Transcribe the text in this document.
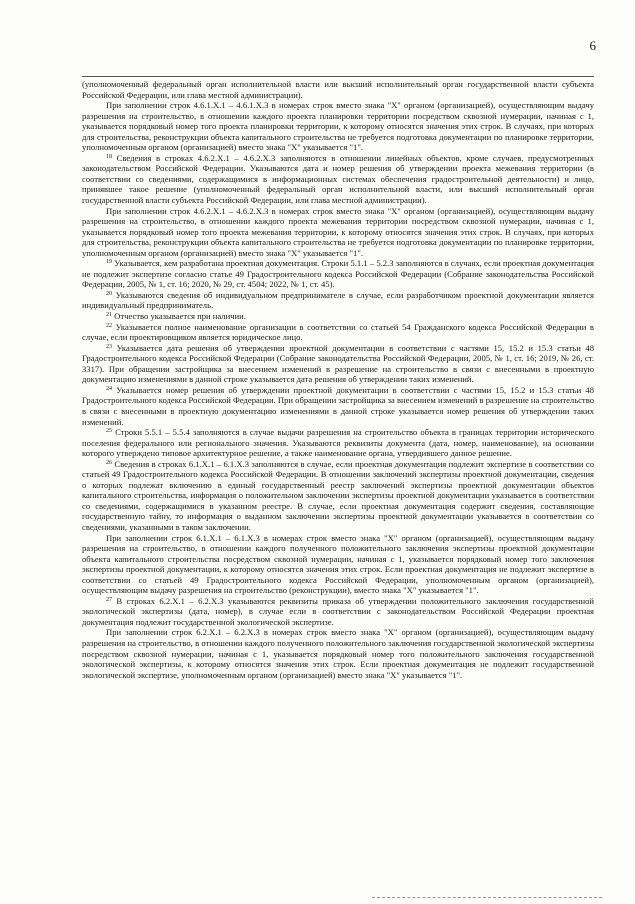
6

(уполномоченный федеральный орган исполнительной власти или высший исполнительный орган государственной власти субъекта Российской Федерации, или глава местной администрации).

При заполнении строк 4.6.1.Х.1 – 4.6.1.Х.3 в номерах строк вместо знака "Х" органом (организацией), осуществляющим выдачу разрешения на строительство, в отношении каждого проекта планировки территории посредством сквозной нумерации, начиная с 1, указывается порядковый номер того проекта планировки территории, к которому относятся значения этих строк. В случаях, при которых для строительства, реконструкции объекта капитального строительства не требуется подготовка документации по планировке территории, уполномоченным органом (организацией) вместо знака "Х" указывается "1".

$^{18}$ Сведения в строках 4.6.2.Х.1 – 4.6.2.Х.3 заполняются в отношении линейных объектов, кроме случаев, предусмотренных законодательством Российской Федерации. Указываются дата и номер решения об утверждении проекта межевания территории (в соответствии со сведениями, содержащимися в информационных системах обеспечения градостроительной деятельности) и лицо, принявшее такое решение (уполномоченный федеральный орган исполнительной власти, или высший исполнительный орган государственной власти субъекта Российской Федерации, или глава местной администрации).

При заполнении строк 4.6.2.Х.1 – 4.6.2.Х.3 в номерах строк вместо знака "Х" органом (организацией), осуществляющим выдачу разрешения на строительство, в отношении каждого проекта межевания территории посредством сквозной нумерации, начиная с 1, указывается порядковый номер того проекта межевания территории, к которому относятся значения этих строк. В случаях, при которых для строительства, реконструкции объекта капитального строительства не требуется подготовка документации по планировке территории, уполномоченным органом (организацией) вместо знака "Х" указывается "1".

$^{19}$ Указывается, кем разработана проектная документация. Строки 5.1.1 – 5.2.3 заполняются в случаях, если проектная документация не подлежит экспертизе согласно статье 49 Градостроительного кодекса Российской Федерации (Собрание законодательства Российской Федерации, 2005, № 1, ст. 16; 2020, № 29, ст. 4504; 2022, № 1, ст. 45).

$^{20}$ Указываются сведения об индивидуальном предпринимателе в случае, если разработчиком проектной документации является индивидуальный предприниматель.

$^{21}$ Отчество указывается при наличии.

$^{22}$ Указывается полное наименование организации в соответствии со статьей 54 Гражданского кодекса Российской Федерации в случае, если проектировщиком является юридическое лицо.

$^{23}$ Указывается дата решения об утверждении проектной документации в соответствии с частями 15, 15.2 и 15.3 статьи 48 Градостроительного кодекса Российской Федерации (Собрание законодательства Российской Федерации, 2005, № 1, ст. 16; 2019, № 26, ст. 3317). При обращении застройщика за внесением изменений в разрешение на строительство в связи с внесенными в проектную документацию изменениями в данной строке указывается дата решения об утверждении таких изменений.

$^{24}$ Указывается номер решения об утверждении проектной документации в соответствии с частями 15, 15.2 и 15.3 статьи 48 Градостроительного кодекса Российской Федерации. При обращении застройщика за внесением изменений в разрешение на строительство в связи с внесенными в проектную документацию изменениями в данной строке указывается номер решения об утверждении таких изменений.

$^{25}$ Строки 5.5.1 – 5.5.4 заполняются в случае выдачи разрешения на строительство объекта в границах территории исторического поселения федерального или регионального значения. Указываются реквизиты документа (дата, номер, наименование), на основании которого утверждено типовое архитектурное решение, а также наименование органа, утвердившего данное решение.

$^{26}$ Сведения в строках 6.1.Х.1 – 6.1.Х.3 заполняются в случае, если проектная документация подлежит экспертизе в соответствии со статьей 49 Градостроительного кодекса Российской Федерации. В отношении заключений экспертизы проектной документации, сведения о которых подлежат включению в единый государственный реестр заключений экспертизы проектной документации объектов капитального строительства, информация о положительном заключении экспертизы проектной документации указывается в соответствии со сведениями, содержащимися в указанном реестре. В случае, если проектная документация содержит сведения, составляющие государственную тайну, то информация о выданном заключении экспертизы проектной документации указывается в соответствии со сведениями, указанными в таком заключении.

При заполнении строк 6.1.Х.1 – 6.1.Х.3 в номерах строк вместо знака "Х" органом (организацией), осуществляющим выдачу разрешения на строительство, в отношении каждого полученного положительного заключения экспертизы проектной документации объекта капитального строительства посредством сквозной нумерации, начиная с 1, указывается порядковый номер того заключения экспертизы проектной документации, к которому относятся значения этих строк. Если проектная документация не подлежит экспертизе в соответствии со статьей 49 Градостроительного кодекса Российской Федерации, уполномоченным органом (организацией), осуществляющим выдачу разрешения на строительство (реконструкции), вместо знака "Х" указывается "1".

$^{27}$ В строках 6.2.Х.1 – 6.2.Х.3 указываются реквизиты приказа об утверждении положительного заключения государственной экологической экспертизы (дата, номер), в случае если в соответствии с законодательством Российской Федерации проектная документация подлежит государственной экологической экспертизе.

При заполнении строк 6.2.Х.1 – 6.2.Х.3 в номерах строк вместо знака "Х" органом (организацией), осуществляющим выдачу разрешения на строительство, в отношении каждого полученного положительного заключения государственной экологической экспертизы посредством сквозной нумерации, начиная с 1, указывается порядковый номер того положительного заключения государственной экологической экспертизы, к которому относятся значения этих строк. Если проектная документация не подлежит государственной экологической экспертизе, уполномоченным органом (организацией) вместо знака "Х" указывается "1".
